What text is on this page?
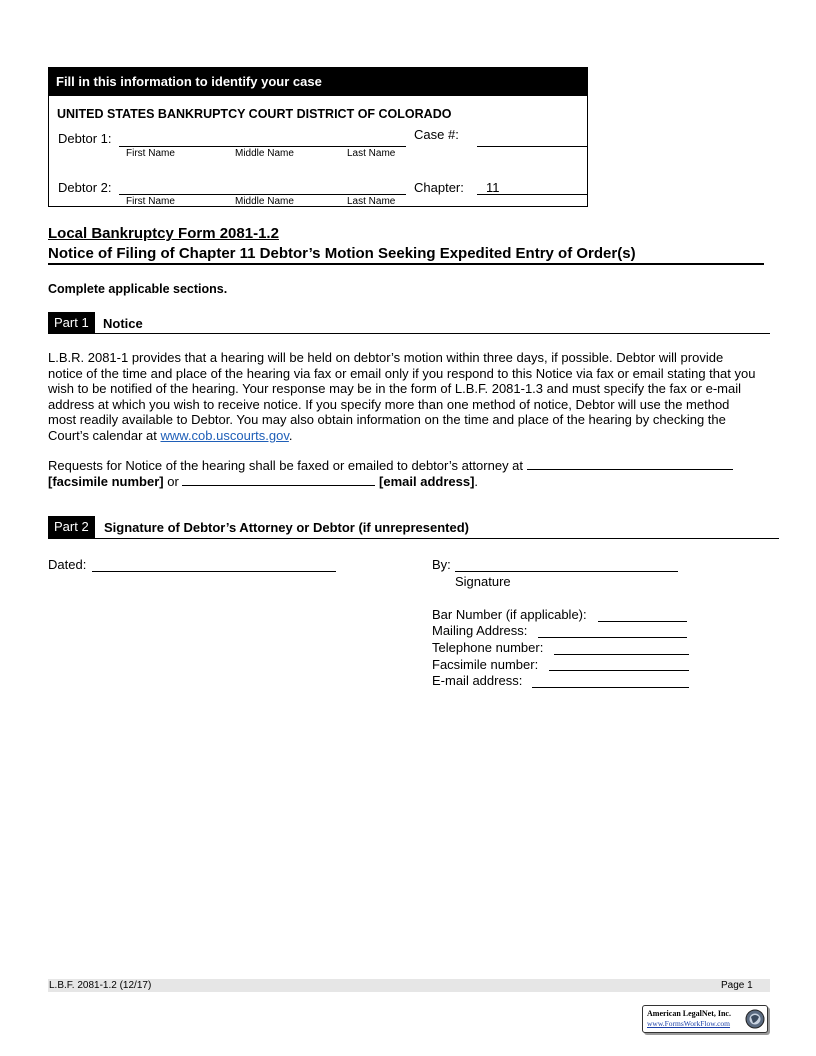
Fill in this information to identify your case
UNITED STATES BANKRUPTCY COURT DISTRICT OF COLORADO
Debtor 1:
First Name	Middle Name	Last Name
Case #:
Debtor 2:
First Name	Middle Name	Last Name
Chapter: 11
Local Bankruptcy Form 2081-1.2
Notice of Filing of Chapter 11 Debtor’s Motion Seeking Expedited Entry of Order(s)
Complete applicable sections.
Part 1	Notice
L.B.R. 2081-1 provides that a hearing will be held on debtor’s motion within three days, if possible. Debtor will provide notice of the time and place of the hearing via fax or email only if you respond to this Notice via fax or email stating that you wish to be notified of the hearing. Your response may be in the form of L.B.F. 2081-1.3 and must specify the fax or e-mail address at which you wish to receive notice. If you specify more than one method of notice, Debtor will use the method most readily available to Debtor. You may also obtain information on the time and place of the hearing by checking the Court’s calendar at www.cob.uscourts.gov.
Requests for Notice of the hearing shall be faxed or emailed to debtor’s attorney at
[facsimile number] or	[email address].
Part 2	Signature of Debtor’s Attorney or Debtor (if unrepresented)
Dated:	By:
Signature
Bar Number (if applicable):
Mailing Address:
Telephone number:
Facsimile number:
E-mail address:
L.B.F. 2081-1.2 (12/17)	Page 1
American LegalNet, Inc.
www.FormsWorkFlow.com
